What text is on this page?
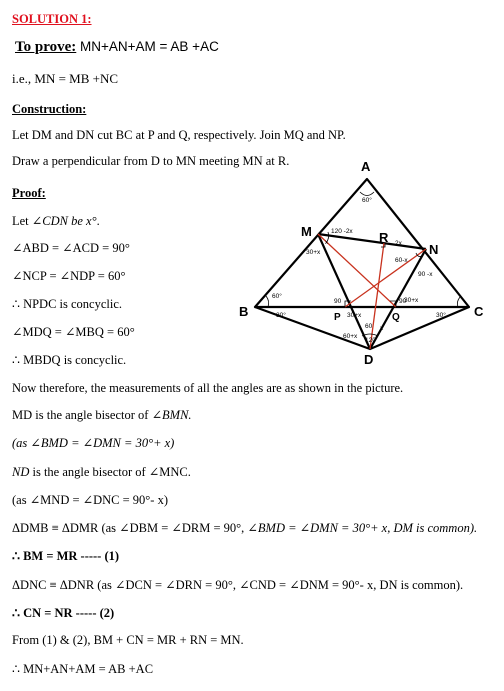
SOLUTION 1:
To prove: MN+AN+AM = AB +AC
i.e., MN = MB +NC
Construction:
Let DM and DN cut BC at P and Q, respectively. Join MQ and NP.
Draw a perpendicular from D to MN meeting MN at R.
Proof:
Let ∠CDN be x°.
∠ABD = ∠ACD = 90°
∠NCP = ∠NDP = 60°
∴ NPDC is concyclic.
∠MDQ = ∠MBQ = 60°
∴ MBDQ is concyclic.
Now therefore, the measurements of all the angles are as shown in the picture.
MD is the angle bisector of ∠BMN.
(as ∠BMD = ∠DMN = 30°+ x)
ND is the angle bisector of ∠MNC.
(as ∠MND = ∠DNC = 90°- x)
ΔDMB ≡ ΔDMR (as ∠DBM = ∠DRM = 90°, ∠BMD = ∠DMN = 30°+ x, DM is common).
∴ BM = MR ----- (1)
ΔDNC ≡ ΔDNR (as ∠DCN = ∠DRN = 90°, ∠CND = ∠DNM = 90°- x, DN is common).
∴ CN = NR ----- (2)
From (1) & (2), BM + CN = MR + RN = MN.
∴ MN+AN+AM = AB +AC
A
B	C
D
M
N
R
P	Q
60°
120 -2x
30+x
x	2x
60-x
90 -x
60°
30°	30°
30+x
90
30+x
60+x
90
60
120
x
